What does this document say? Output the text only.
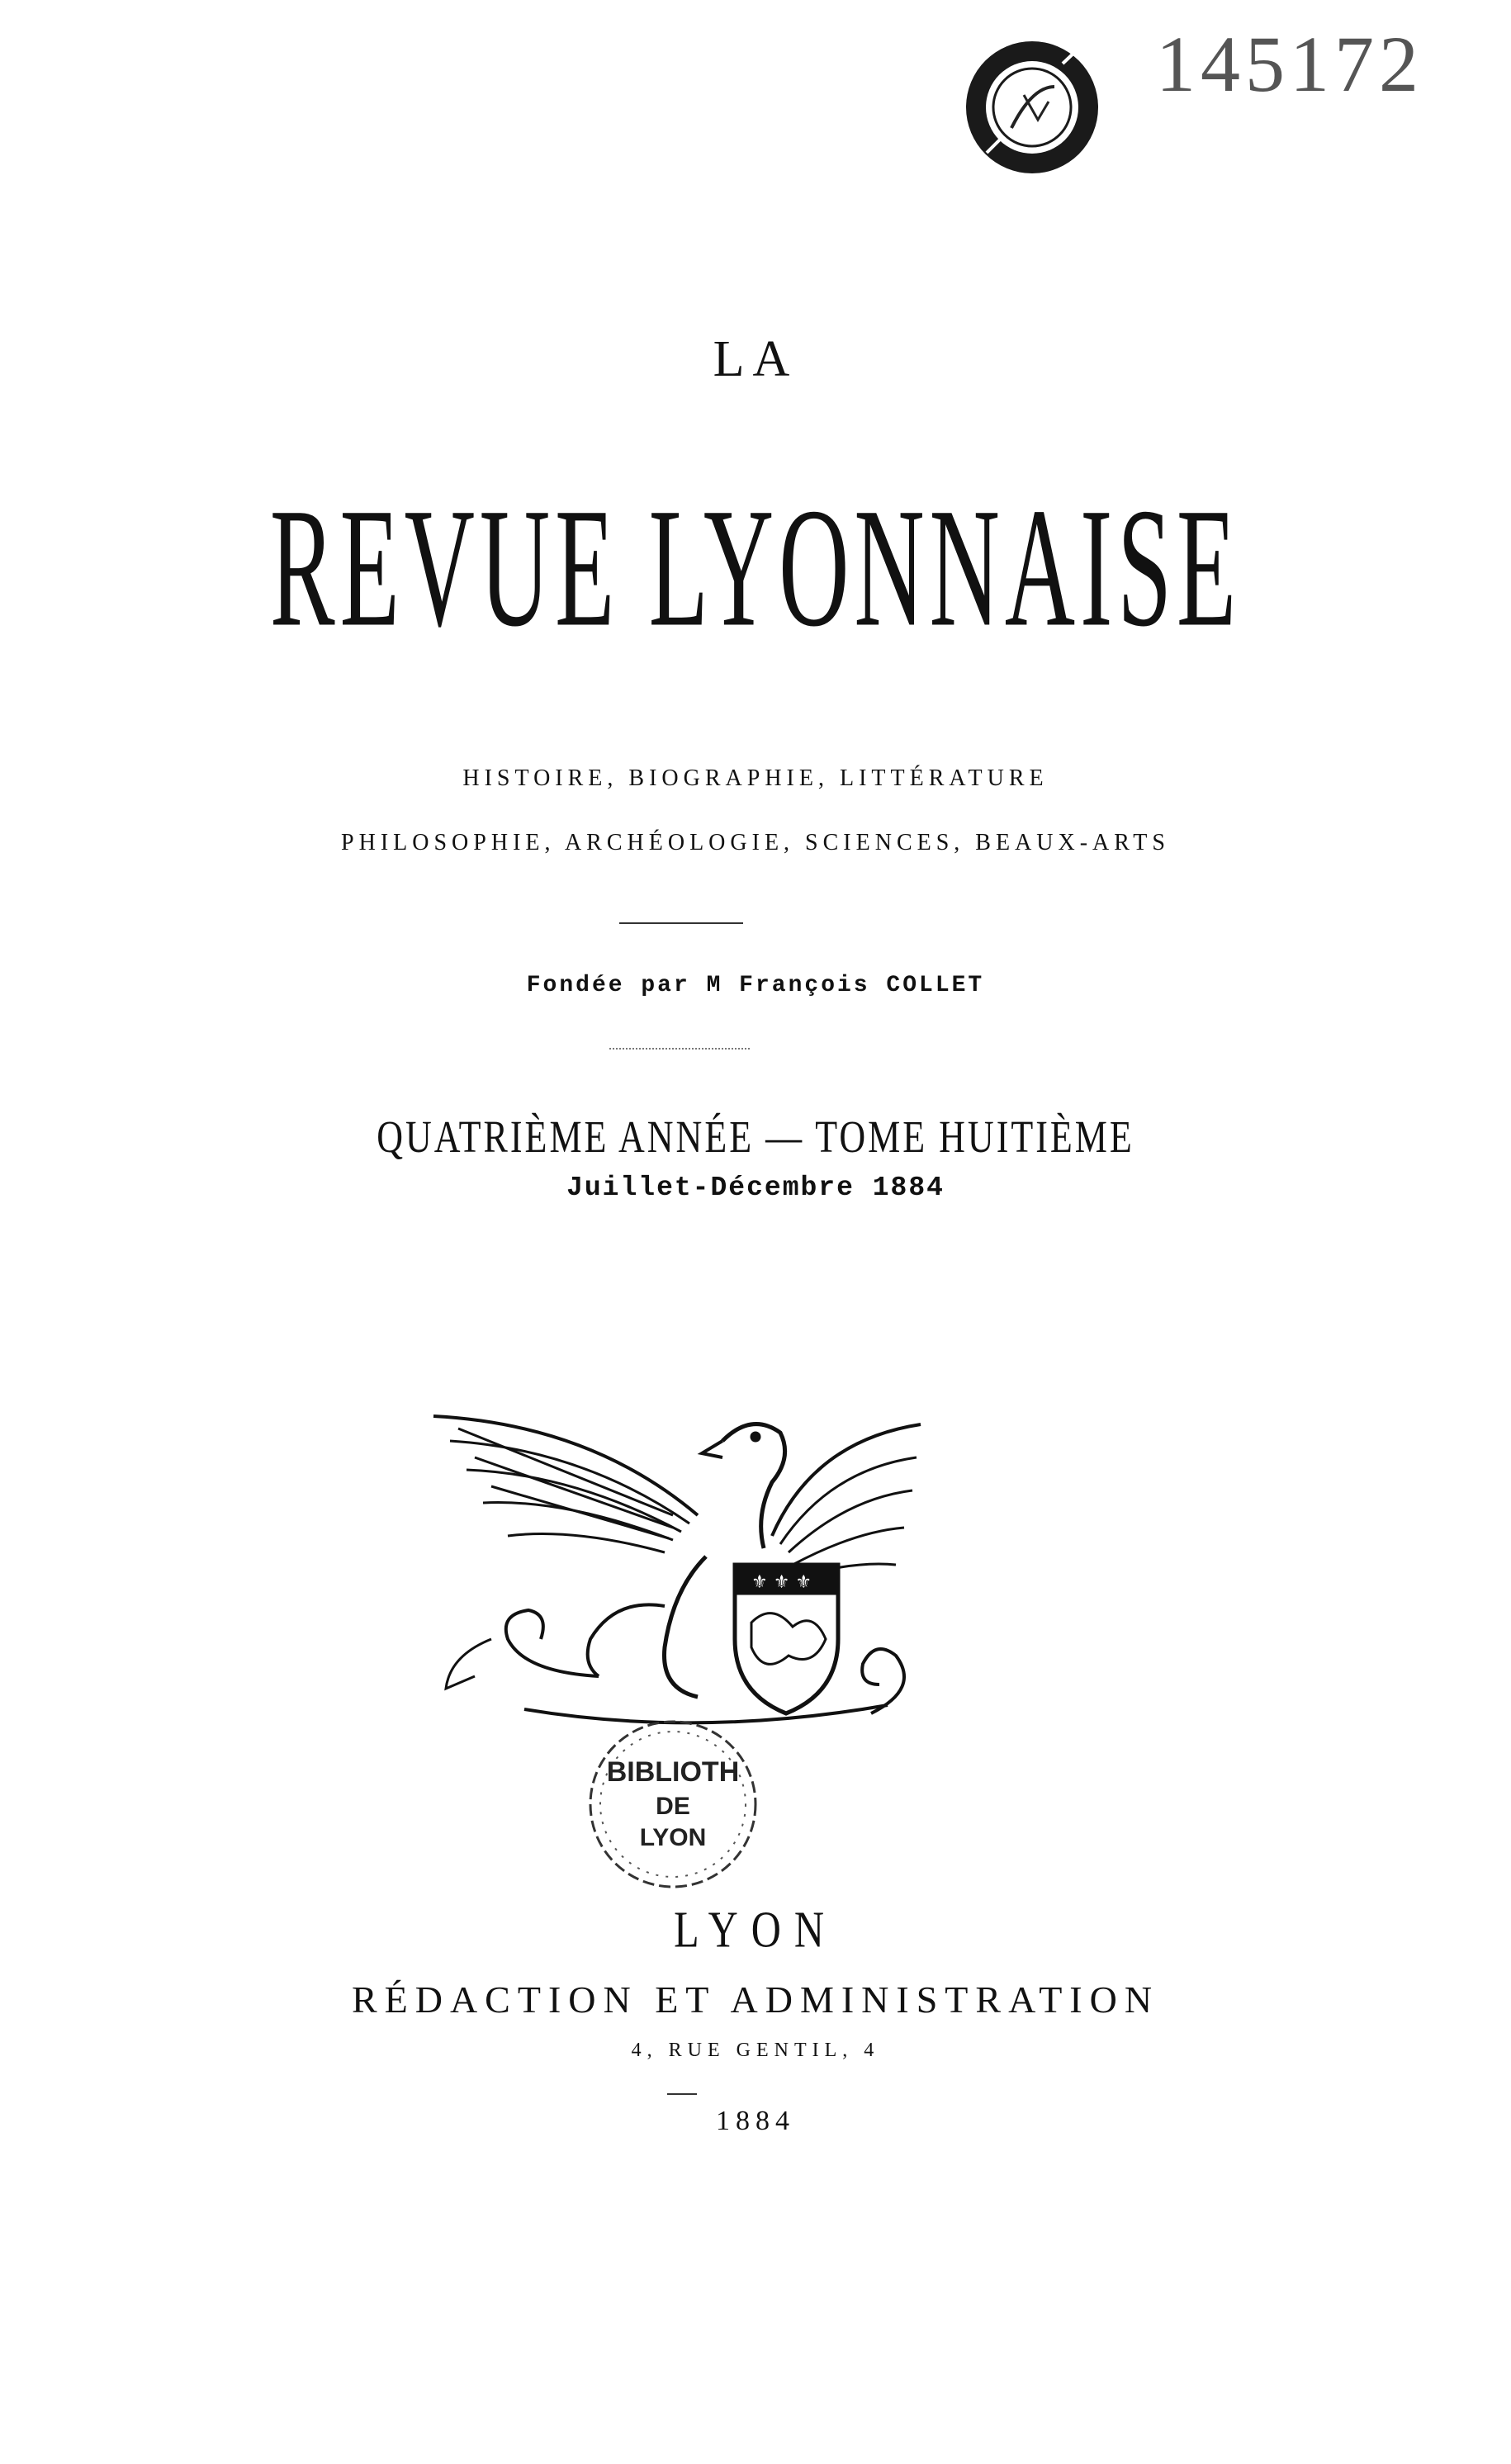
145172
LA
REVUE LYONNAISE
HISTOIRE, BIOGRAPHIE, LITTÉRATURE
PHILOSOPHIE, ARCHÉOLOGIE, SCIENCES, BEAUX-ARTS
Fondée par M François COLLET
QUATRIÈME ANNÉE — TOME HUITIÈME
Juillet-Décembre 1884
⚜ ⚜ ⚜
BIBLIOTH
DE
LYON
LYON
RÉDACTION ET ADMINISTRATION
4, RUE GENTIL, 4
1884
